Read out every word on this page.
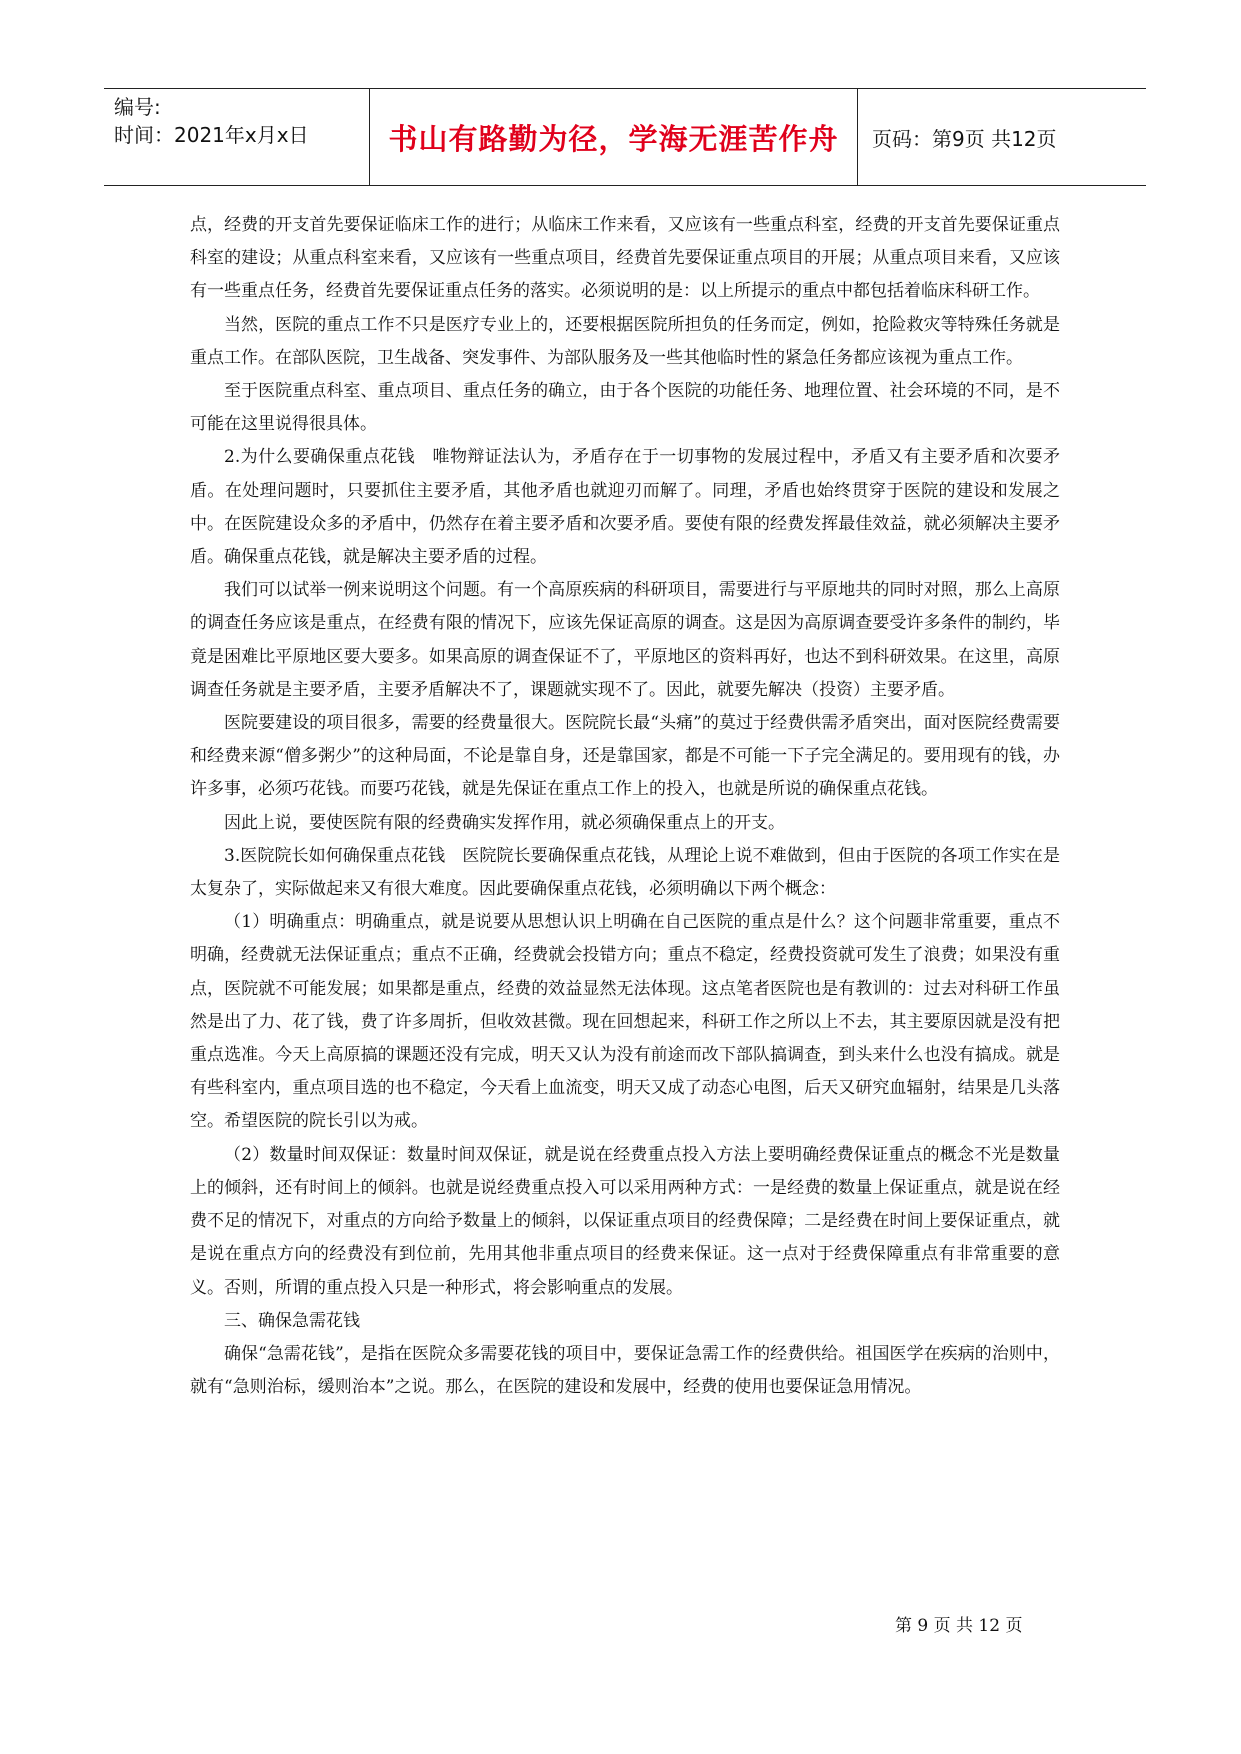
编号:
时间：2021年x月x日	书山有路勤为径，学海无涯苦作舟	页码：第9页 共12页

点，经费的开支首先要保证临床工作的进行；从临床工作来看，又应该有一些重点科室，经费的开支首先要保证重点科室的建设；从重点科室来看，又应该有一些重点项目，经费首先要保证重点项目的开展；从重点项目来看，又应该有一些重点任务，经费首先要保证重点任务的落实。必须说明的是：以上所提示的重点中都包括着临床科研工作。

当然，医院的重点工作不只是医疗专业上的，还要根据医院所担负的任务而定，例如，抢险救灾等特殊任务就是重点工作。在部队医院，卫生战备、突发事件、为部队服务及一些其他临时性的紧急任务都应该视为重点工作。

至于医院重点科室、重点项目、重点任务的确立，由于各个医院的功能任务、地理位置、社会环境的不同，是不可能在这里说得很具体。

2.为什么要确保重点花钱　唯物辩证法认为，矛盾存在于一切事物的发展过程中，矛盾又有主要矛盾和次要矛盾。在处理问题时，只要抓住主要矛盾，其他矛盾也就迎刃而解了。同理，矛盾也始终贯穿于医院的建设和发展之中。在医院建设众多的矛盾中，仍然存在着主要矛盾和次要矛盾。要使有限的经费发挥最佳效益，就必须解决主要矛盾。确保重点花钱，就是解决主要矛盾的过程。

我们可以试举一例来说明这个问题。有一个高原疾病的科研项目，需要进行与平原地共的同时对照，那么上高原的调查任务应该是重点，在经费有限的情况下，应该先保证高原的调查。这是因为高原调查要受许多条件的制约，毕竟是困难比平原地区要大要多。如果高原的调查保证不了，平原地区的资料再好，也达不到科研效果。在这里，高原调查任务就是主要矛盾，主要矛盾解决不了，课题就实现不了。因此，就要先解决（投资）主要矛盾。

医院要建设的项目很多，需要的经费量很大。医院院长最“头痛”的莫过于经费供需矛盾突出，面对医院经费需要和经费来源“僧多粥少”的这种局面，不论是靠自身，还是靠国家，都是不可能一下子完全满足的。要用现有的钱，办许多事，必须巧花钱。而要巧花钱，就是先保证在重点工作上的投入，也就是所说的确保重点花钱。

因此上说，要使医院有限的经费确实发挥作用，就必须确保重点上的开支。

3.医院院长如何确保重点花钱　医院院长要确保重点花钱，从理论上说不难做到，但由于医院的各项工作实在是太复杂了，实际做起来又有很大难度。因此要确保重点花钱，必须明确以下两个概念：

（1）明确重点：明确重点，就是说要从思想认识上明确在自己医院的重点是什么？这个问题非常重要，重点不明确，经费就无法保证重点；重点不正确，经费就会投错方向；重点不稳定，经费投资就可发生了浪费；如果没有重点，医院就不可能发展；如果都是重点，经费的效益显然无法体现。这点笔者医院也是有教训的：过去对科研工作虽然是出了力、花了钱，费了许多周折，但收效甚微。现在回想起来，科研工作之所以上不去，其主要原因就是没有把重点选准。今天上高原搞的课题还没有完成，明天又认为没有前途而改下部队搞调查，到头来什么也没有搞成。就是有些科室内，重点项目选的也不稳定，今天看上血流变，明天又成了动态心电图，后天又研究血辐射，结果是几头落空。希望医院的院长引以为戒。

（2）数量时间双保证：数量时间双保证，就是说在经费重点投入方法上要明确经费保证重点的概念不光是数量上的倾斜，还有时间上的倾斜。也就是说经费重点投入可以采用两种方式：一是经费的数量上保证重点，就是说在经费不足的情况下，对重点的方向给予数量上的倾斜，以保证重点项目的经费保障；二是经费在时间上要保证重点，就是说在重点方向的经费没有到位前，先用其他非重点项目的经费来保证。这一点对于经费保障重点有非常重要的意义。否则，所谓的重点投入只是一种形式，将会影响重点的发展。

三、确保急需花钱

确保“急需花钱”，是指在医院众多需要花钱的项目中，要保证急需工作的经费供给。祖国医学在疾病的治则中，就有“急则治标，缓则治本”之说。那么，在医院的建设和发展中，经费的使用也要保证急用情况。

第 9 页 共 12 页
